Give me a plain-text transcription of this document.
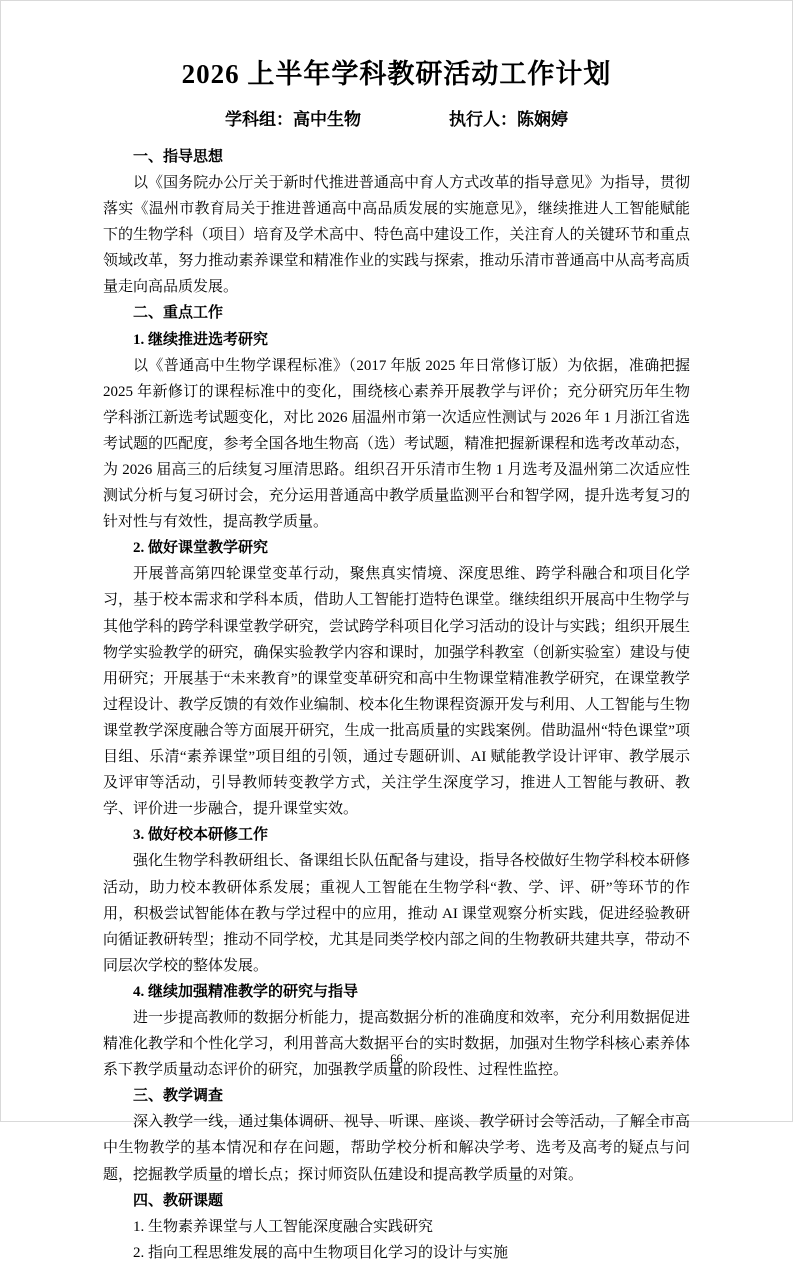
2026 上半年学科教研活动工作计划
学科组：高中生物	执行人：陈娴婷
一、指导思想

以《国务院办公厅关于新时代推进普通高中育人方式改革的指导意见》为指导，贯彻落实《温州市教育局关于推进普通高中高品质发展的实施意见》，继续推进人工智能赋能下的生物学科（项目）培育及学术高中、特色高中建设工作，关注育人的关键环节和重点领域改革，努力推动素养课堂和精准作业的实践与探索，推动乐清市普通高中从高考高质量走向高品质发展。

二、重点工作
1. 继续推进选考研究

以《普通高中生物学课程标准》（2017 年版 2025 年日常修订版）为依据，准确把握 2025 年新修订的课程标准中的变化，围绕核心素养开展教学与评价；充分研究历年生物学科浙江新选考试题变化，对比 2026 届温州市第一次适应性测试与 2026 年 1 月浙江省选考试题的匹配度，参考全国各地生物高（选）考试题，精准把握新课程和选考改革动态，为 2026 届高三的后续复习厘清思路。组织召开乐清市生物 1 月选考及温州第二次适应性测试分析与复习研讨会，充分运用普通高中教学质量监测平台和智学网，提升选考复习的针对性与有效性，提高教学质量。

2. 做好课堂教学研究

开展普高第四轮课堂变革行动，聚焦真实情境、深度思维、跨学科融合和项目化学习，基于校本需求和学科本质，借助人工智能打造特色课堂。继续组织开展高中生物学与其他学科的跨学科课堂教学研究，尝试跨学科项目化学习活动的设计与实践；组织开展生物学实验教学的研究，确保实验教学内容和课时，加强学科教室（创新实验室）建设与使用研究；开展基于“未来教育”的课堂变革研究和高中生物课堂精准教学研究，在课堂教学过程设计、教学反馈的有效作业编制、校本化生物课程资源开发与利用、人工智能与生物课堂教学深度融合等方面展开研究，生成一批高质量的实践案例。借助温州“特色课堂”项目组、乐清“素养课堂”项目组的引领，通过专题研训、AI 赋能教学设计评审、教学展示及评审等活动，引导教师转变教学方式，关注学生深度学习，推进人工智能与教研、教学、评价进一步融合，提升课堂实效。

3. 做好校本研修工作

强化生物学科教研组长、备课组长队伍配备与建设，指导各校做好生物学科校本研修活动，助力校本教研体系发展；重视人工智能在生物学科“教、学、评、研”等环节的作用，积极尝试智能体在教与学过程中的应用，推动 AI 课堂观察分析实践，促进经验教研向循证教研转型；推动不同学校，尤其是同类学校内部之间的生物教研共建共享，带动不同层次学校的整体发展。

4. 继续加强精准教学的研究与指导

进一步提高教师的数据分析能力，提高数据分析的准确度和效率，充分利用数据促进精准化教学和个性化学习，利用普高大数据平台的实时数据，加强对生物学科核心素养体系下教学质量动态评价的研究，加强教学质量的阶段性、过程性监控。

三、教学调查

深入教学一线，通过集体调研、视导、听课、座谈、教学研讨会等活动，了解全市高中生物教学的基本情况和存在问题，帮助学校分析和解决学考、选考及高考的疑点与问题，挖掘教学质量的增长点；探讨师资队伍建设和提高教学质量的对策。

四、教研课题

1. 生物素养课堂与人工智能深度融合实践研究

2. 指向工程思维发展的高中生物项目化学习的设计与实施

66
